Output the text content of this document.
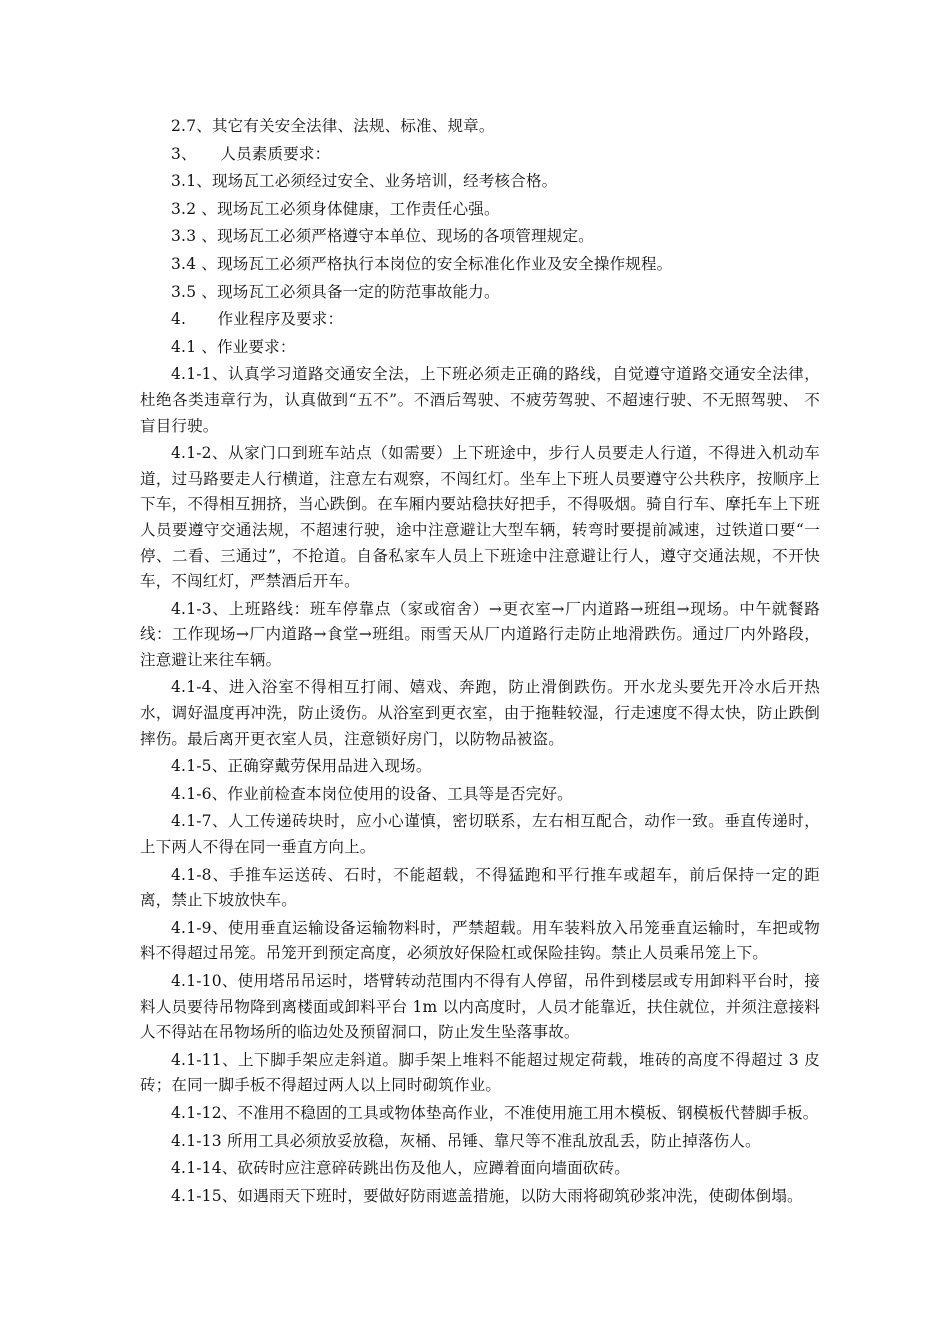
2.7、其它有关安全法律、法规、标准、规章。

3、　　人员素质要求：

3.1、现场瓦工必须经过安全、业务培训，经考核合格。

3.2 、现场瓦工必须身体健康，工作责任心强。

3.3 、现场瓦工必须严格遵守本单位、现场的各项管理规定。

3.4 、现场瓦工必须严格执行本岗位的安全标准化作业及安全操作规程。

3.5 、现场瓦工必须具备一定的防范事故能力。

4.　　作业程序及要求：

4.1 、作业要求：

4.1-1、认真学习道路交通安全法，上下班必须走正确的路线，自觉遵守道路交通安全法律，杜绝各类违章行为，认真做到“五不”。不酒后驾驶、不疲劳驾驶、不超速行驶、不无照驾驶、 不盲目行驶。

4.1-2、从家门口到班车站点（如需要）上下班途中，步行人员要走人行道，不得进入机动车道，过马路要走人行横道，注意左右观察，不闯红灯。坐车上下班人员要遵守公共秩序，按顺序上下车，不得相互拥挤，当心跌倒。在车厢内要站稳扶好把手，不得吸烟。骑自行车、摩托车上下班人员要遵守交通法规，不超速行驶，途中注意避让大型车辆，转弯时要提前减速，过铁道口要“一停、二看、三通过”，不抢道。自备私家车人员上下班途中注意避让行人，遵守交通法规，不开快车，不闯红灯，严禁酒后开车。

4.1-3、上班路线：班车停靠点（家或宿舍）→更衣室→厂内道路→班组→现场。中午就餐路线：工作现场→厂内道路→食堂→班组。雨雪天从厂内道路行走防止地滑跌伤。通过厂内外路段，注意避让来往车辆。

4.1-4、进入浴室不得相互打闹、嬉戏、奔跑，防止滑倒跌伤。开水龙头要先开冷水后开热水，调好温度再冲洗，防止烫伤。从浴室到更衣室，由于拖鞋较湿，行走速度不得太快，防止跌倒摔伤。最后离开更衣室人员，注意锁好房门，以防物品被盗。

4.1-5、正确穿戴劳保用品进入现场。

4.1-6、作业前检查本岗位使用的设备、工具等是否完好。

4.1-7、人工传递砖块时，应小心谨慎，密切联系，左右相互配合，动作一致。垂直传递时，上下两人不得在同一垂直方向上。

4.1-8、手推车运送砖、石时，不能超载，不得猛跑和平行推车或超车，前后保持一定的距离，禁止下坡放快车。

4.1-9、使用垂直运输设备运输物料时，严禁超载。用车装料放入吊笼垂直运输时，车把或物料不得超过吊笼。吊笼开到预定高度，必须放好保险杠或保险挂钩。禁止人员乘吊笼上下。

4.1-10、使用塔吊吊运时，塔臂转动范围内不得有人停留，吊件到楼层或专用卸料平台时，接料人员要待吊物降到离楼面或卸料平台 1m 以内高度时，人员才能靠近，扶住就位，并须注意接料人不得站在吊物场所的临边处及预留洞口，防止发生坠落事故。

4.1-11、上下脚手架应走斜道。脚手架上堆料不能超过规定荷载，堆砖的高度不得超过 3 皮砖；在同一脚手板不得超过两人以上同时砌筑作业。

4.1-12、不准用不稳固的工具或物体垫高作业，不准使用施工用木模板、钢模板代替脚手板。

4.1-13 所用工具必须放妥放稳，灰桶、吊锤、靠尺等不准乱放乱丢，防止掉落伤人。

4.1-14、砍砖时应注意碎砖跳出伤及他人，应蹲着面向墙面砍砖。

4.1-15、如遇雨天下班时，要做好防雨遮盖措施，以防大雨将砌筑砂浆冲洗，使砌体倒塌。
